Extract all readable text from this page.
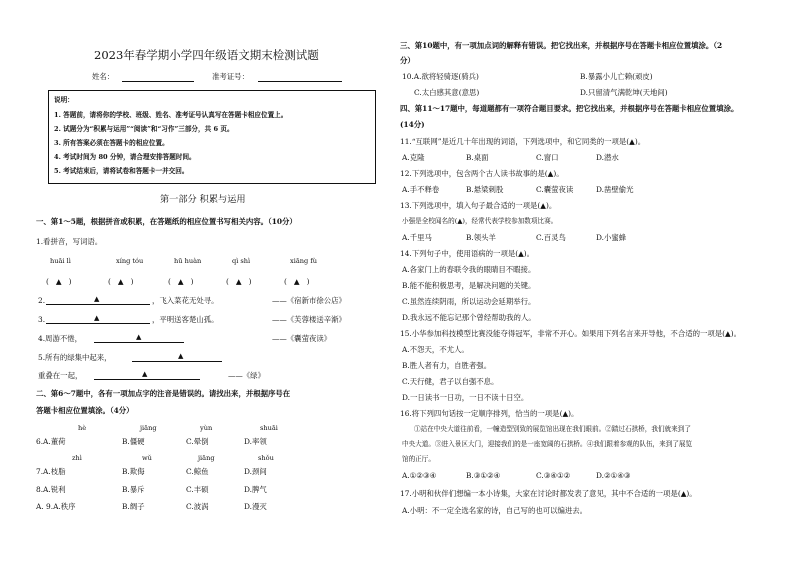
2023年春学期小学四年级语文期末检测试题
姓名：	准考证号：
说明：
1. 答题前，请将你的学校、班级、姓名、准考证号认真写在答题卡相应位置上。
2. 试题分为“积累与运用”“阅读”和“习作”三部分，共 6 页。
3. 所有答案必须在答题卡的相应位置。
4. 考试时间为 80 分钟，请合理安排答题时间。
5. 考试结束后，请将试卷和答题卡一并交回。
第一部分 积累与运用
一、第1～5题，根据拼音或积累，在答题纸的相应位置书写相关内容。（10分）
1.看拼音，写词语。
huāi lì	xíng tóu	hū huàn	qì shì	xiāng fù
(   ▲   )	(   ▲   )	(   ▲   )	(   ▲   )	(   ▲   )
2.	▲	，飞入菜花无处寻。	——《宿新市徐公店》
3.	▲	，平明送客楚山孤。	——《芙蓉楼送辛渐》
4.周游不惓，	▲	——《囊萤夜读》
5.所有的绿集中起来，	▲
重叠在一起，	▲	——《绿》
二、第6～7题中，各有一项加点字的注音是错误的。请找出来，并根据序号在
答题卡相应位置填涂。（4分）
hè	jiāng	yùn	shuāi
6.A.董荷	B.僵硬	C.晕倒	D.率领
zhì	wǔ	jiāng	shǒu
7.A.枝脂	B.欺侮	C.鲸鱼	D.颈间
8.A.锐利	B.暴斥	C.丰硕	D.脾气
A. 9.A.秩序	B.绸子	C.波涡	D.漫灭
三、第10题中，有一项加点词的解释有错误。把它找出来，并根据序号在答题卡相应位置填涂。（2
分）
10.A.欲将轻骑逐(骑兵)	B.暴露小儿亡赖(顽皮)
C.太白感其意(意思)	D.只留清气满乾坤(天地间)
四、第11～17题中，每道题都有一项符合题目要求。把它找出来，并根据序号在答题卡相应位置填涂。
(14分)
11.“互联网”是近几十年出现的词语，下列选项中，和它同类的一项是(▲)。
A.克隆	B.桌面	C.窗口	D.潜水
12.下列选项中，包含两个古人读书故事的是(▲)。
A.手不释卷	B.悬梁刺股	C.囊萤夜读	D.凿壁偷光
13.下列选项中，填入句子最合适的一项是(▲)。
小强是全校闻名的(▲)，经常代表学校参加数项比赛。
A.千里马	B.领头羊	C.百灵鸟	D.小蜜蜂
14.下列句子中，使用语病的一项是(▲)。
A.各家门上的春联令我的眼睛目不暇接。
B.能不能积极思考，是解决问题的关键。
C.虽然连续阴雨，所以运动会延期举行。
D.我永远不能忘记那个曾经帮助我的人。
15.小华参加科技模型比赛没能夺得冠军，非常不开心。如果用下列名言来开导他，不合适的一项是(▲)。
A.不怨天，不尤人。
B.胜人者有力，自胜者强。
C.天行健，君子以自强不息。
D.一日读书一日功，一日不读十日空。
16.将下列四句话按一定顺序排列，恰当的一项是(▲)。
①站在中央大道往前看，一幢造型别致的展览馆出现在我们眼前。②踏过石拱桥，我们就来到了
中央大道。③进入景区大门，迎接我们的是一座宽阔的石拱桥。④我们跟着参观的队伍，来到了展览
馆的正厅。
A.①②③④	B.③①②④	C.③④①②	D.②①④③
17.小明和伙伴们想编一本小诗集，大家在讨论时都发表了意见，其中不合适的一项是(▲)。
A.小明：不一定全选名家的诗，自己写的也可以编进去。
